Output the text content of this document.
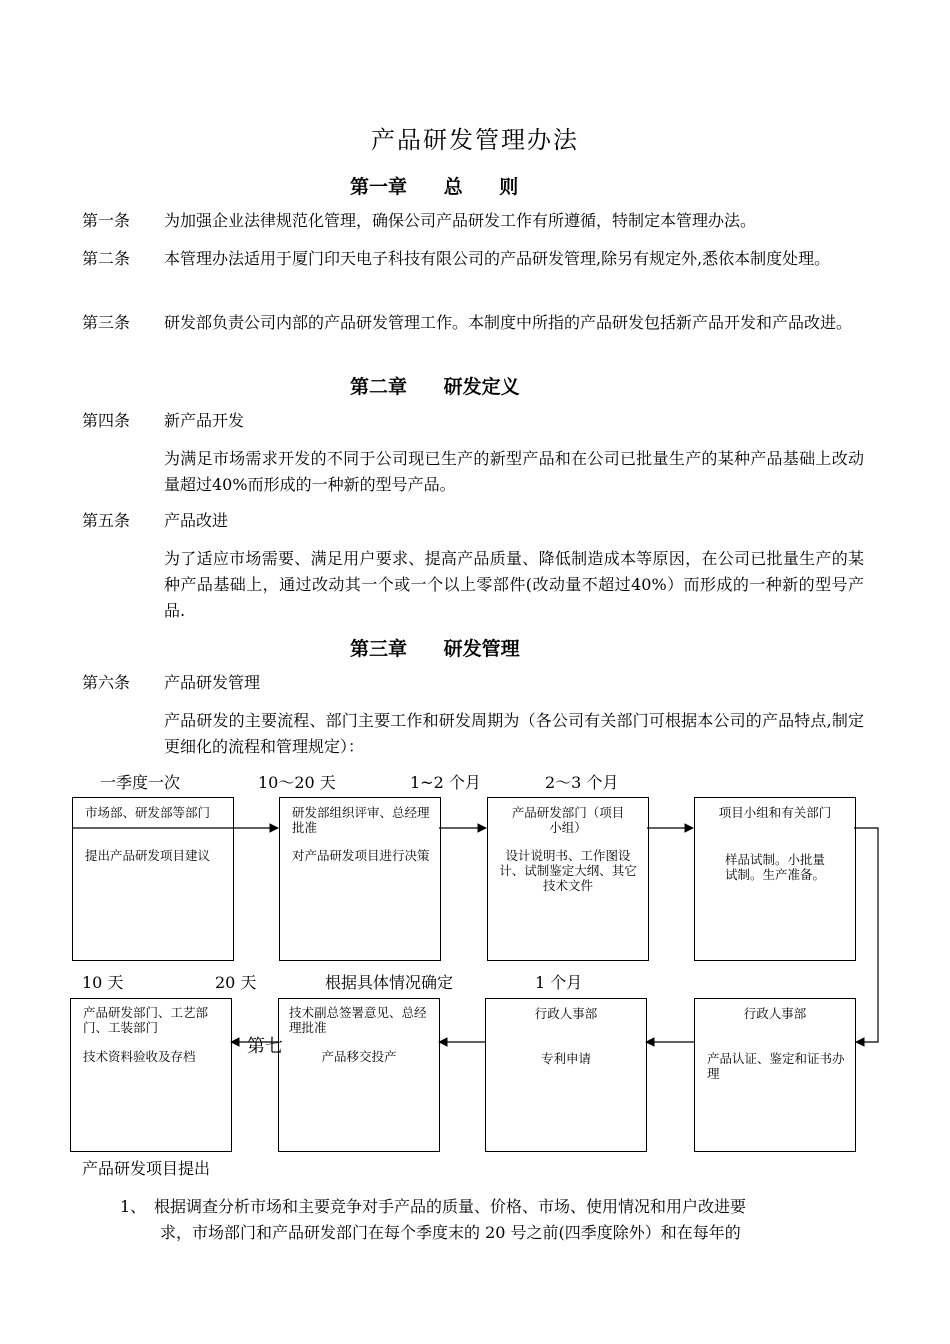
产品研发管理办法
第一章 总 则
第一条 为加强企业法律规范化管理，确保公司产品研发工作有所遵循，特制定本管理办法。
第二条 本管理办法适用于厦门印天电子科技有限公司的产品研发管理,除另有规定外,悉依本制度处理。
第三条 研发部负责公司内部的产品研发管理工作。本制度中所指的产品研发包括新产品开发和产品改进。
第二章 研发定义
第四条 新产品开发
为满足市场需求开发的不同于公司现已生产的新型产品和在公司已批量生产的某种产品基础上改动量超过40%而形成的一种新的型号产品。
第五条 产品改进
为了适应市场需要、满足用户要求、提高产品质量、降低制造成本等原因，在公司已批量生产的某种产品基础上，通过改动其一个或一个以上零部件(改动量不超过40%）而形成的一种新的型号产品.
第三章 研发管理
第六条 产品研发管理
产品研发的主要流程、部门主要工作和研发周期为（各公司有关部门可根据本公司的产品特点,制定更细化的流程和管理规定）：
一季度一次	10～20 天	1~2 个月	2～3 个月
市场部、研发部等部门
提出产品研发项目建议
研发部组织评审、总经理批准
对产品研发项目进行决策
产品研发部门（项目小组）
设计说明书、工作图设计、试制鉴定大纲、其它技术文件
项目小组和有关部门
样品试制。小批量试制。生产准备。
10 天	20 天	根据具体情况确定	1 个月
产品研发部门、工艺部门、工装部门
技术资料验收及存档
技术副总签署意见、总经理批准
产品移交投产
行政人事部
专利申请
行政人事部
产品认证、鉴定和证书办理
第七
产品研发项目提出
1、 根据调查分析市场和主要竞争对手产品的质量、价格、市场、使用情况和用户改进要
求，市场部门和产品研发部门在每个季度末的 20 号之前(四季度除外）和在每年的
